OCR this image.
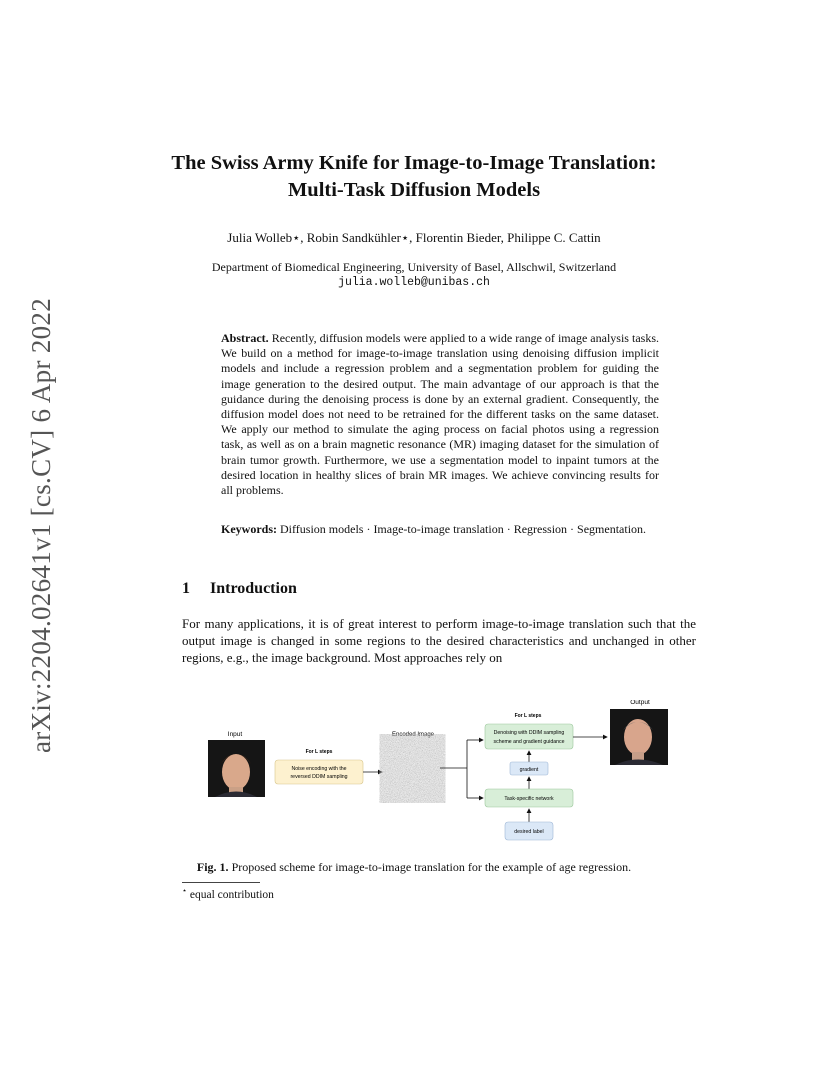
arXiv:2204.02641v1 [cs.CV] 6 Apr 2022
The Swiss Army Knife for Image-to-Image Translation:
Multi-Task Diffusion Models
Julia Wolleb⋆, Robin Sandkühler⋆, Florentin Bieder, Philippe C. Cattin
Department of Biomedical Engineering, University of Basel, Allschwil, Switzerland
julia.wolleb@unibas.ch
Abstract. Recently, diffusion models were applied to a wide range of image analysis tasks. We build on a method for image-to-image translation using denoising diffusion implicit models and include a regression problem and a segmentation problem for guiding the image generation to the desired output. The main advantage of our approach is that the guidance during the denoising process is done by an external gradient. Consequently, the diffusion model does not need to be retrained for the different tasks on the same dataset. We apply our method to simulate the aging process on facial photos using a regression task, as well as on a brain magnetic resonance (MR) imaging dataset for the simulation of brain tumor growth. Furthermore, we use a segmentation model to inpaint tumors at the desired location in healthy slices of brain MR images. We achieve convincing results for all problems.
Keywords: Diffusion models · Image-to-image translation · Regression · Segmentation.
1 Introduction
For many applications, it is of great interest to perform image-to-image translation such that the output image is changed in some regions to the desired characteristics and unchanged in other regions, e.g., the image background. Most approaches rely on
Input
For L steps
Noise encoding with the
reversed DDIM sampling
Encoded Image
For L steps
Denoising with DDIM sampling
scheme and gradient guidance
gradient
Task-specific network
desired label
Output
Fig. 1. Proposed scheme for image-to-image translation for the example of age regression.
⋆ equal contribution
